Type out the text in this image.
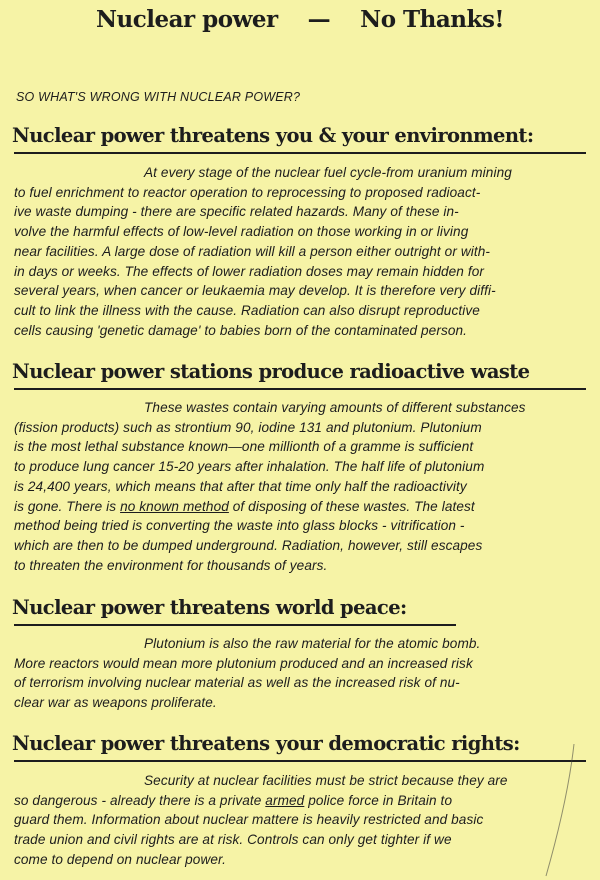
Nuclear power    —    No Thanks!
SO WHAT'S WRONG WITH NUCLEAR POWER?
Nuclear power threatens you & your environment:
At every stage of the nuclear fuel cycle-from uranium mining
to fuel enrichment to reactor operation to reprocessing to proposed radioact-
ive waste dumping - there are specific related hazards. Many of these in-
volve the harmful effects of low-level radiation on those working in or living
near facilities. A large dose of radiation will kill a person either outright or with-
in days or weeks. The effects of lower radiation doses may remain hidden for
several years, when cancer or leukaemia may develop. It is therefore very diffi-
cult to link the illness with the cause. Radiation can also disrupt reproductive
cells causing 'genetic damage' to babies born of the contaminated person.
Nuclear power stations produce radioactive waste
These wastes contain varying amounts of different substances
(fission products) such as strontium 90, iodine 131 and plutonium. Plutonium
is the most lethal substance known—one millionth of a gramme is sufficient
to produce lung cancer 15-20 years after inhalation. The half life of plutonium
is 24,400 years, which means that after that time only half the radioactivity
is gone. There is no known method of disposing of these wastes. The latest
method being tried is converting the waste into glass blocks - vitrification -
which are then to be dumped underground. Radiation, however, still escapes
to threaten the environment for thousands of years.
Nuclear power threatens world peace:
Plutonium is also the raw material for the atomic bomb.
More reactors would mean more plutonium produced and an increased risk
of terrorism involving nuclear material as well as the increased risk of nu-
clear war as weapons proliferate.
Nuclear power threatens your democratic rights:
Security at nuclear facilities must be strict because they are
so dangerous - already there is a private armed police force in Britain to
guard them. Information about nuclear mattere is heavily restricted and basic
trade union and civil rights are at risk. Controls can only get tighter if we
come to depend on nuclear power.
